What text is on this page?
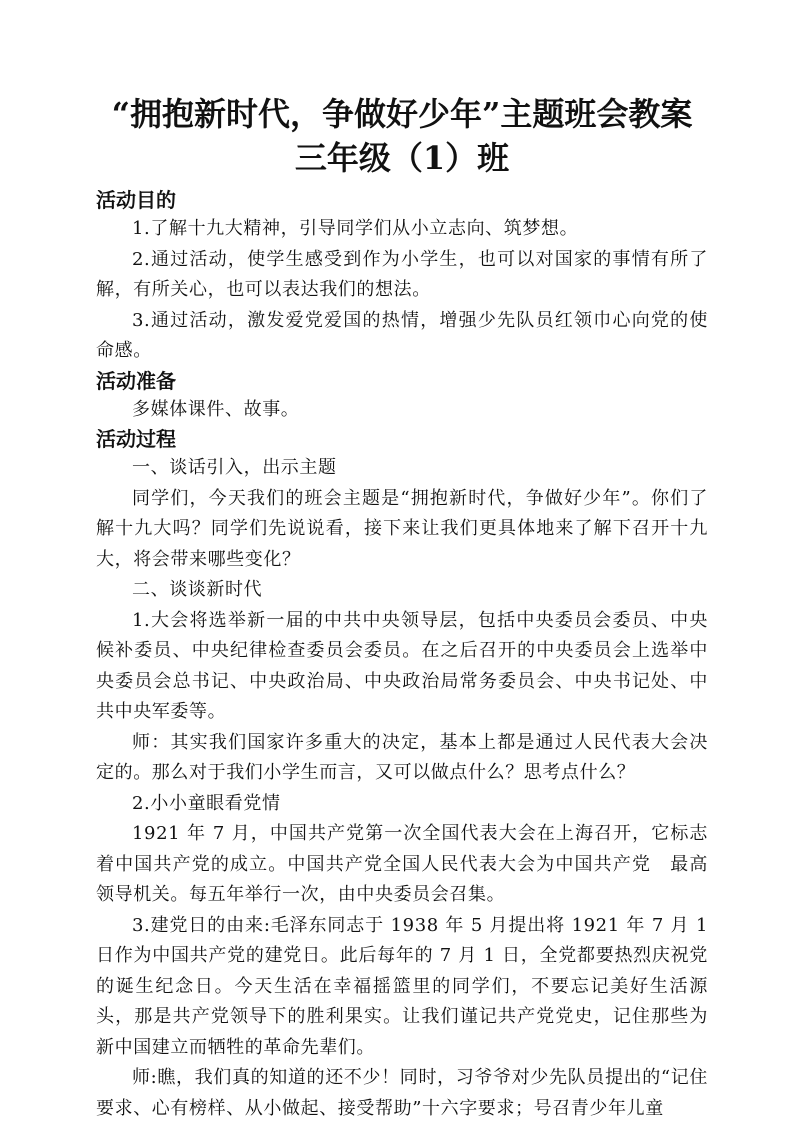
“拥抱新时代，争做好少年”主题班会教案
三年级（1）班
活动目的

1.了解十九大精神，引导同学们从小立志向、筑梦想。

2.通过活动，使学生感受到作为小学生，也可以对国家的事情有所了解，有所关心，也可以表达我们的想法。

3.通过活动，激发爱党爱国的热情，增强少先队员红领巾心向党的使命感。

活动准备

多媒体课件、故事。

活动过程

一、谈话引入，出示主题

同学们，今天我们的班会主题是“拥抱新时代，争做好少年”。你们了解十九大吗？同学们先说说看，接下来让我们更具体地来了解下召开十九大，将会带来哪些变化？

二、谈谈新时代

1.大会将选举新一届的中共中央领导层，包括中央委员会委员、中央候补委员、中央纪律检查委员会委员。在之后召开的中央委员会上选举中央委员会总书记、中央政治局、中央政治局常务委员会、中央书记处、中共中央军委等。

师：其实我们国家许多重大的决定，基本上都是通过人民代表大会决定的。那么对于我们小学生而言，又可以做点什么？思考点什么？

2.小小童眼看党情

1921 年 7 月，中国共产党第一次全国代表大会在上海召开，它标志着中国共产党的成立。中国共产党全国人民代表大会为中国共产党　最高领导机关。每五年举行一次，由中央委员会召集。

3.建党日的由来:毛泽东同志于 1938 年 5 月提出将 1921 年 7 月 1 日作为中国共产党的建党日。此后每年的 7 月 1 日，全党都要热烈庆祝党的诞生纪念日。今天生活在幸福摇篮里的同学们，不要忘记美好生活源头，那是共产党领导下的胜利果实。让我们谨记共产党党史，记住那些为新中国建立而牺牲的革命先辈们。

师:瞧，我们真的知道的还不少！同时，习爷爷对少先队员提出的“记住要求、心有榜样、从小做起、接受帮助”十六字要求；号召青少年儿童
